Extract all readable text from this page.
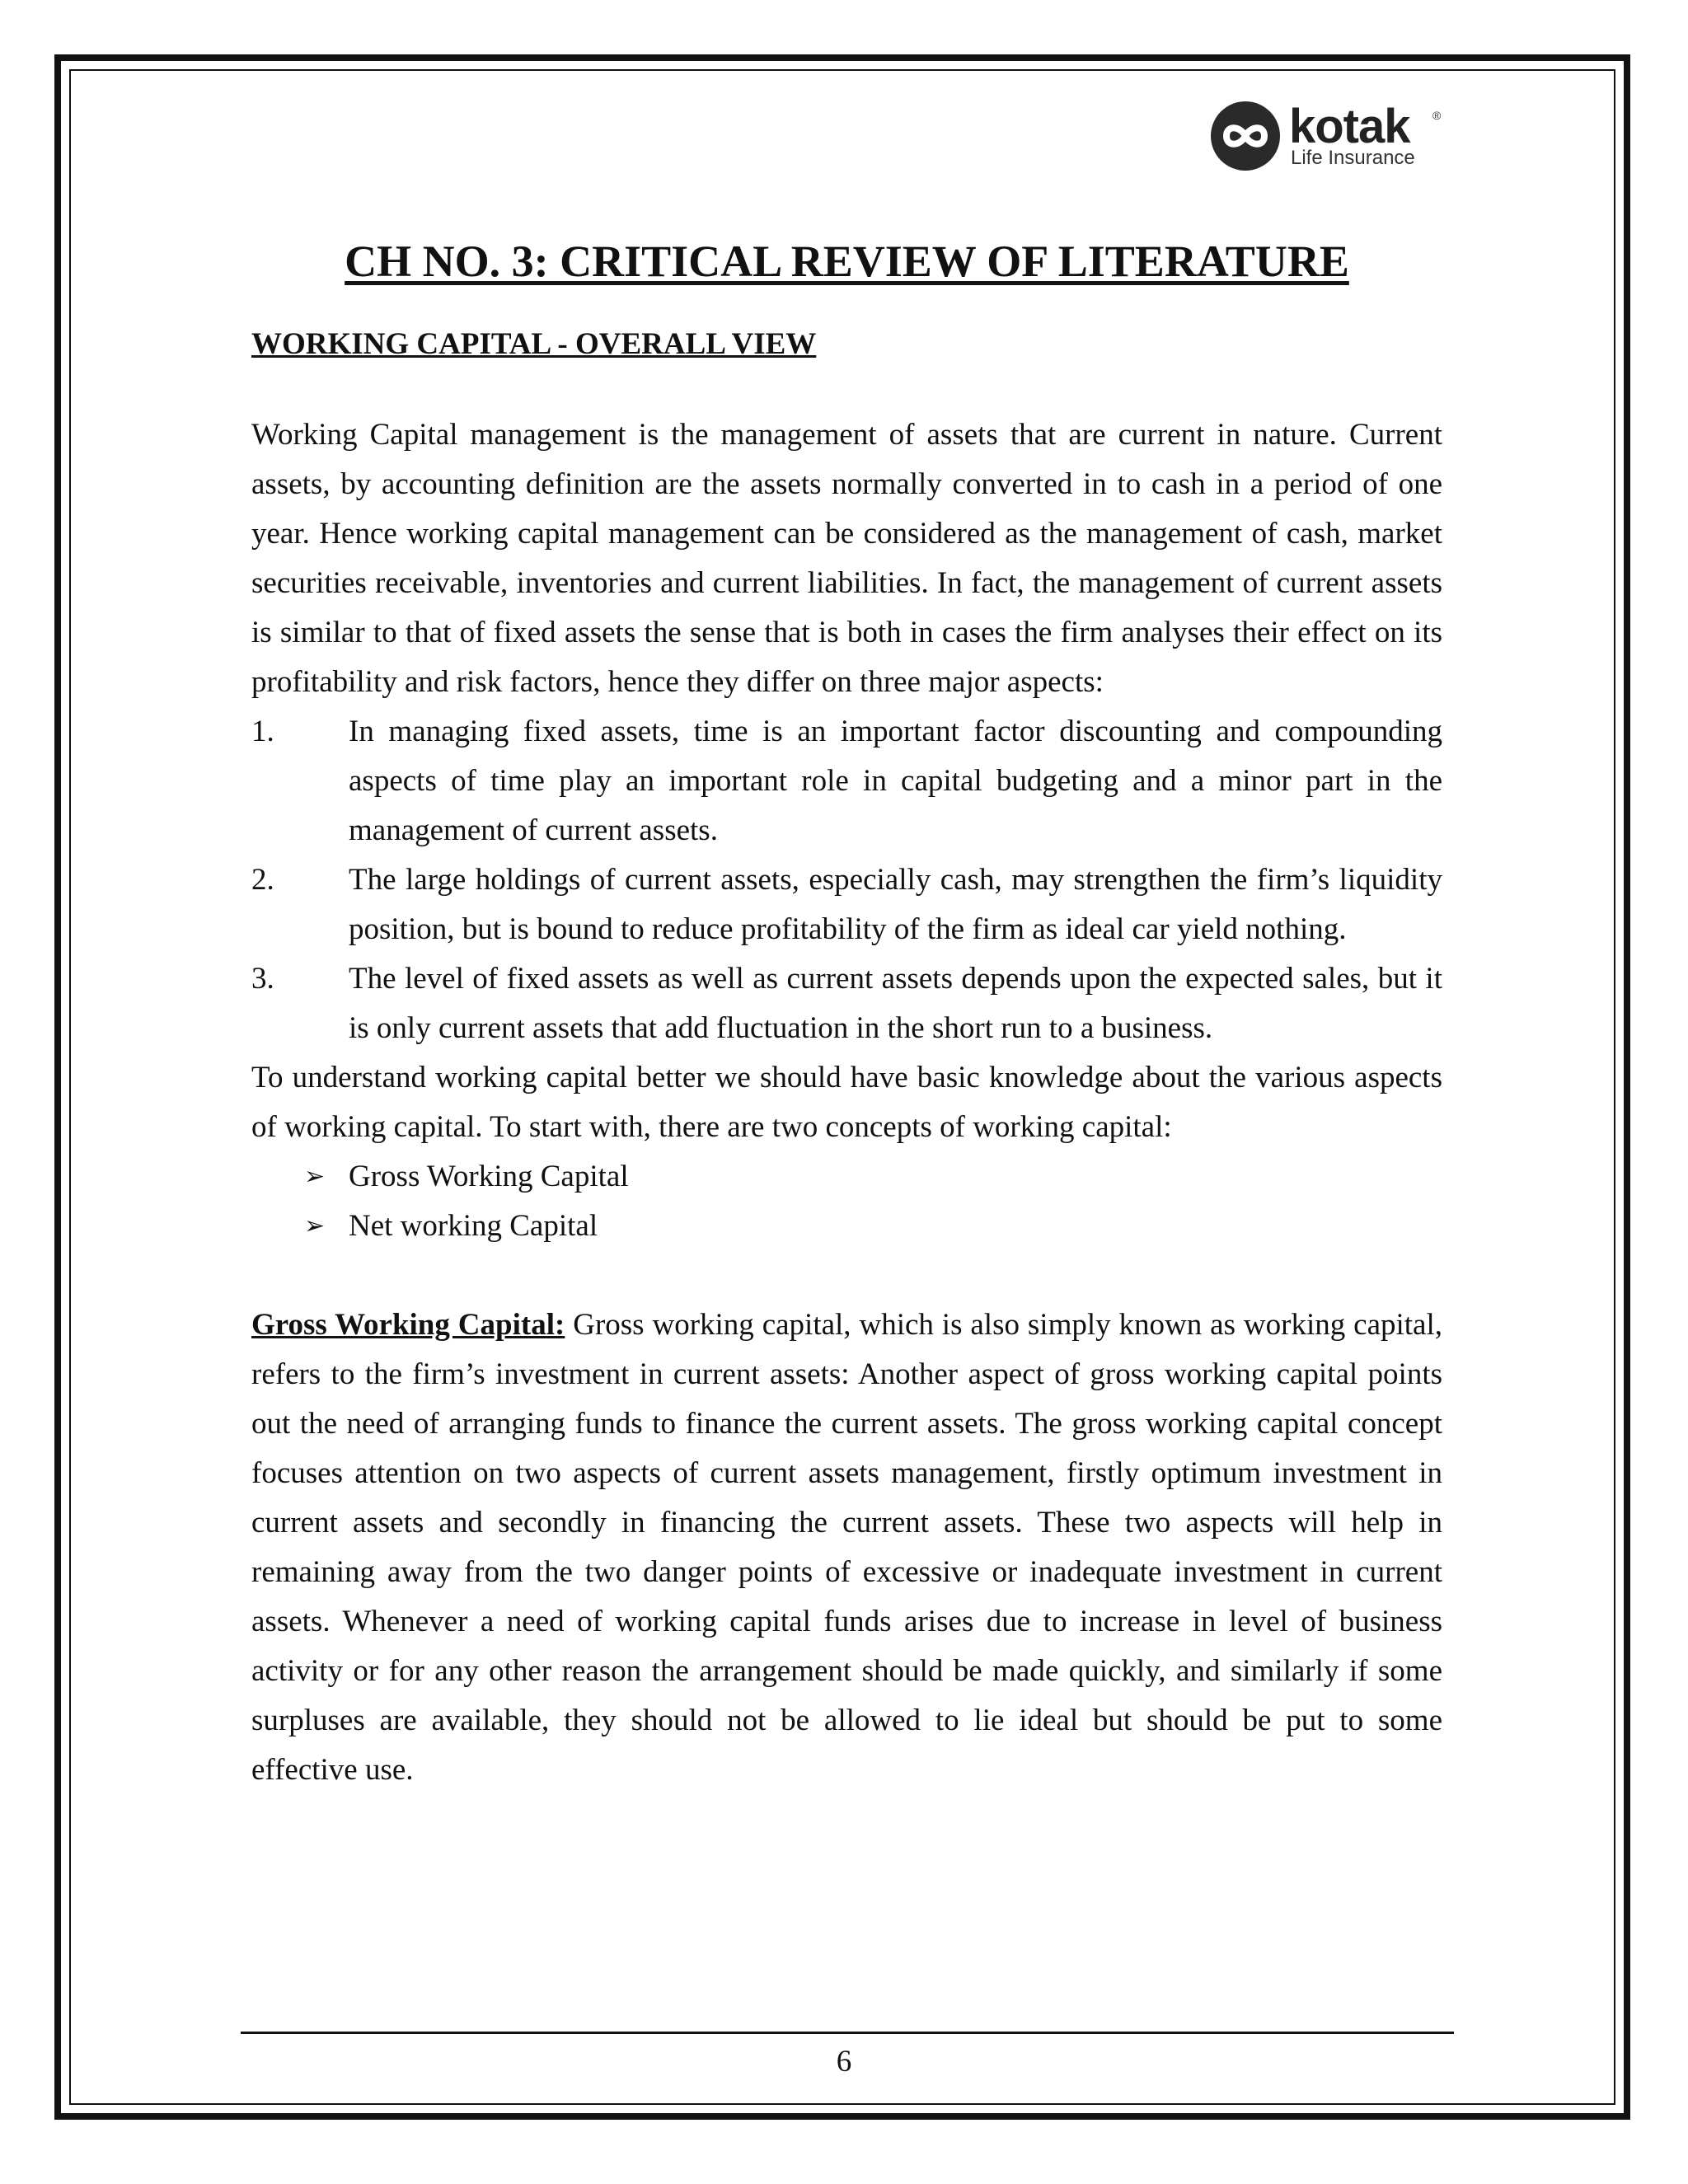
kotak ®
Life Insurance
CH NO. 3: CRITICAL REVIEW OF LITERATURE
WORKING CAPITAL - OVERALL VIEW

Working Capital management is the management of assets that are current in nature. Current assets, by accounting definition are the assets normally converted in to cash in a period of one year. Hence working capital management can be considered as the management of cash, market securities receivable, inventories and current liabilities. In fact, the management of current assets is similar to that of fixed assets the sense that is both in cases the firm analyses their effect on its profitability and risk factors, hence they differ on three major aspects:

1.	In managing fixed assets, time is an important factor discounting and compounding aspects of time play an important role in capital budgeting and a minor part in the management of current assets.
2.	The large holdings of current assets, especially cash, may strengthen the firm’s liquidity position, but is bound to reduce profitability of the firm as ideal car yield nothing.
3.	The level of fixed assets as well as current assets depends upon the expected sales, but it is only current assets that add fluctuation in the short run to a business.

To understand working capital better we should have basic knowledge about the various aspects of working capital. To start with, there are two concepts of working capital:

➢ Gross Working Capital
➢ Net working Capital

Gross Working Capital: Gross working capital, which is also simply known as working capital, refers to the firm’s investment in current assets: Another aspect of gross working capital points out the need of arranging funds to finance the current assets. The gross working capital concept focuses attention on two aspects of current assets management, firstly optimum investment in current assets and secondly in financing the current assets. These two aspects will help in remaining away from the two danger points of excessive or inadequate investment in current assets. Whenever a need of working capital funds arises due to increase in level of business activity or for any other reason the arrangement should be made quickly, and similarly if some surpluses are available, they should not be allowed to lie ideal but should be put to some effective use.

6
